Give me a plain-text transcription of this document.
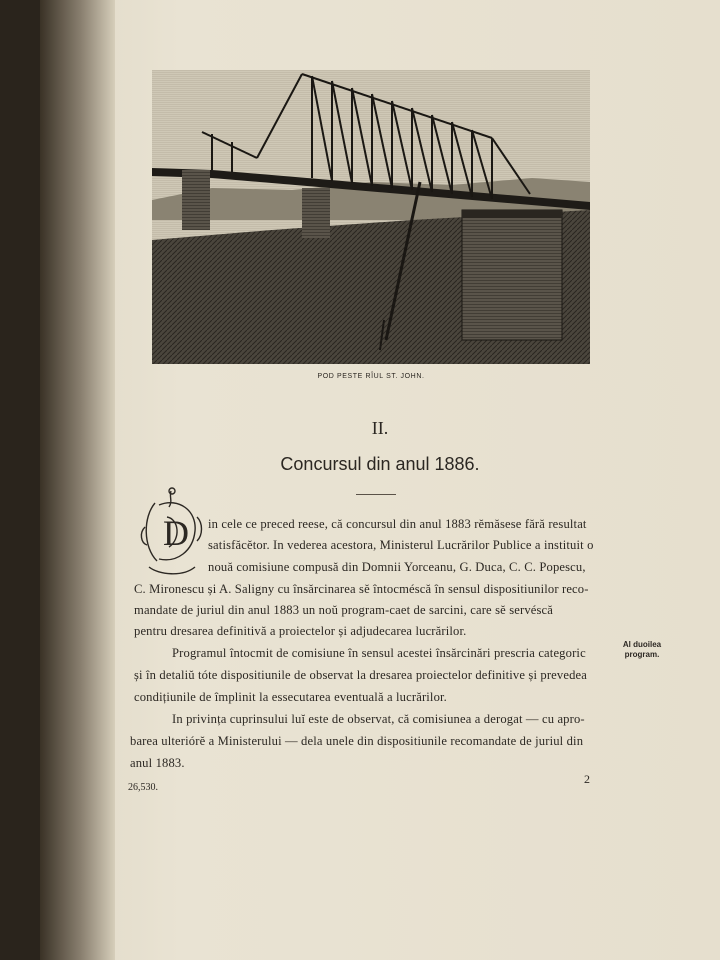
POD PESTE RÎUL ST. JOHN.
II.
Concursul din anul 1886.
D in cele ce preced reese, că concursul din anul 1883 rĕmăsese fără resultat
satisfăcĕtor. In vederea acestora, Ministerul Lucrărilor Publice a instituit o
nouă comisiune compusă din Domnii Yorceanu, G. Duca, C. C. Popescu,
C. Mironescu și A. Saligny cu însărcinarea sĕ întocméscă în sensul dispositiunilor reco-
mandate de juriul din anul 1883 un noŭ program-caet de sarcini, care sĕ servéscă
pentru dresarea definitivă a proiectelor și adjudecarea lucrărilor.
Programul întocmit de comisiune în sensul acestei însărcinări prescria categoric
și în detaliŭ tóte dispositiunile de observat la dresarea proiectelor definitive și prevedea
condițiunile de împlinit la essecutarea eventuală a lucrărilor.
In privința cuprinsului luĭ este de observat, că comisiunea a derogat — cu apro-
barea ulteriórĕ a Ministerului — dela unele din dispositiunile recomandate de juriul din
anul 1883.
Al duoilea
program.
26,530.
2
